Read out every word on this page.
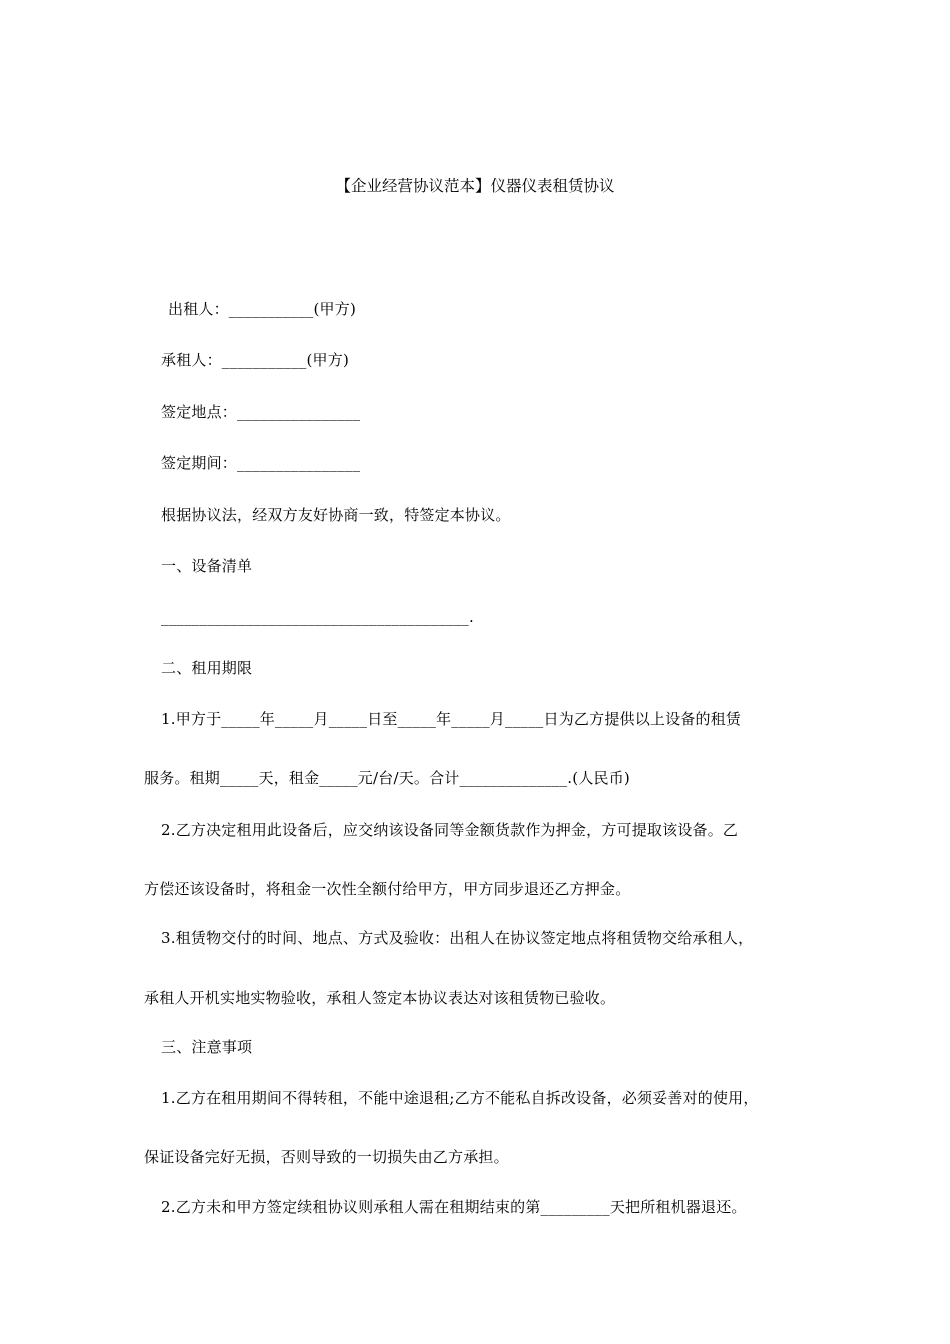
【企业经营协议范本】仪器仪表租赁协议
出租人：___________(甲方)
承租人：___________(甲方)
签定地点：________________
签定期间：________________
根据协议法，经双方友好协商一致，特签定本协议。
一、设备清单
________________________________________.
二、租用期限
1.甲方于_____年_____月_____日至_____年_____月_____日为乙方提供以上设备的租赁
服务。租期_____天，租金_____元/台/天。合计______________.(人民币)
2.乙方决定租用此设备后，应交纳该设备同等金额货款作为押金，方可提取该设备。乙
方偿还该设备时，将租金一次性全额付给甲方，甲方同步退还乙方押金。
3.租赁物交付的时间、地点、方式及验收：出租人在协议签定地点将租赁物交给承租人，
承租人开机实地实物验收，承租人签定本协议表达对该租赁物已验收。
三、注意事项
1.乙方在租用期间不得转租，不能中途退租;乙方不能私自拆改设备，必须妥善对的使用，
保证设备完好无损，否则导致的一切损失由乙方承担。
2.乙方未和甲方签定续租协议则承租人需在租期结束的第_________天把所租机器退还。
